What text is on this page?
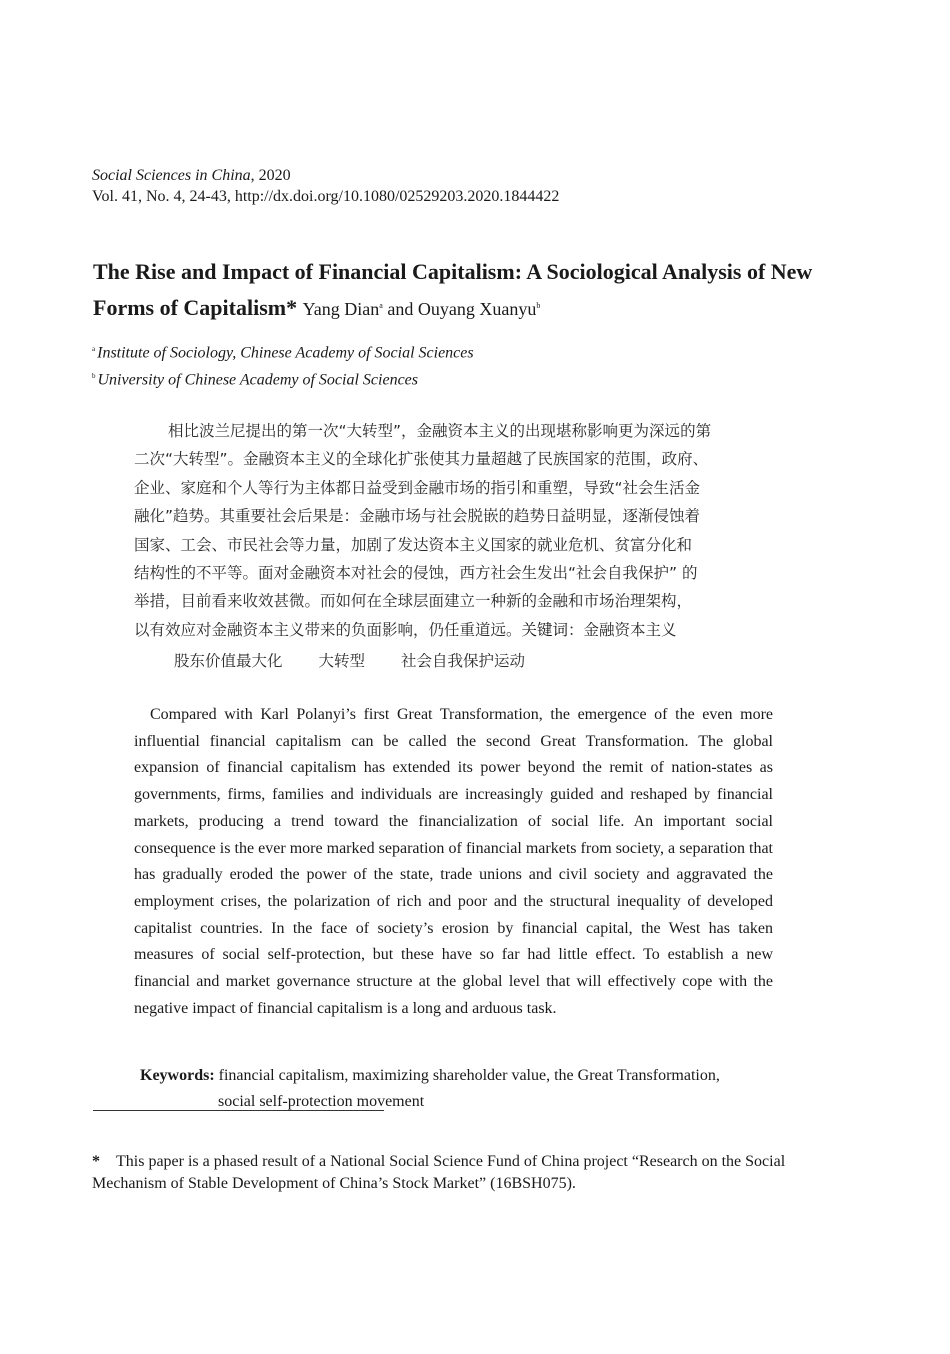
Social Sciences in China, 2020
Vol. 41, No. 4, 24-43, http://dx.doi.org/10.1080/02529203.2020.1844422
The Rise and Impact of Financial Capitalism: A Sociological Analysis of New Forms of Capitalism* Yang Dian$^a$ and Ouyang Xuanyu$^b$
$^a$ Institute of Sociology, Chinese Academy of Social Sciences
$^b$ University of Chinese Academy of Social Sciences
相比波兰尼提出的第一次“大转型”，金融资本主义的出现堪称影响更为深远的第
二次“大转型”。金融资本主义的全球化扩张使其力量超越了民族国家的范围，政府、
企业、家庭和个人等行为主体都日益受到金融市场的指引和重塑，导致“社会生活金
融化”趋势。其重要社会后果是：金融市场与社会脱嵌的趋势日益明显，逐渐侵蚀着
国家、工会、市民社会等力量，加剧了发达资本主义国家的就业危机、贫富分化和
结构性的不平等。面对金融资本对社会的侵蚀，西方社会生发出“社会自我保护” 的
举措，目前看来收效甚微。而如何在全球层面建立一种新的金融和市场治理架构，
以有效应对金融资本主义带来的负面影响，仍任重道远。关键词：金融资本主义
股东价值最大化 大转型 社会自我保护运动
Compared with Karl Polanyi’s first Great Transformation, the emergence of the even more influential financial capitalism can be called the second Great Transformation. The global expansion of financial capitalism has extended its power beyond the remit of nation-states as governments, firms, families and individuals are increasingly guided and reshaped by financial markets, producing a trend toward the financialization of social life. An important social consequence is the ever more marked separation of financial markets from society, a separation that has gradually eroded the power of the state, trade unions and civil society and aggravated the employment crises, the polarization of rich and poor and the structural inequality of developed capitalist countries. In the face of society’s erosion by financial capital, the West has taken measures of social self-protection, but these have so far had little effect. To establish a new financial and market governance structure at the global level that will effectively cope with the negative impact of financial capitalism is a long and arduous task.
Keywords: financial capitalism, maximizing shareholder value, the Great Transformation,
social self-protection movement
* This paper is a phased result of a National Social Science Fund of China project “Research on the Social Mechanism of Stable Development of China’s Stock Market” (16BSH075).
